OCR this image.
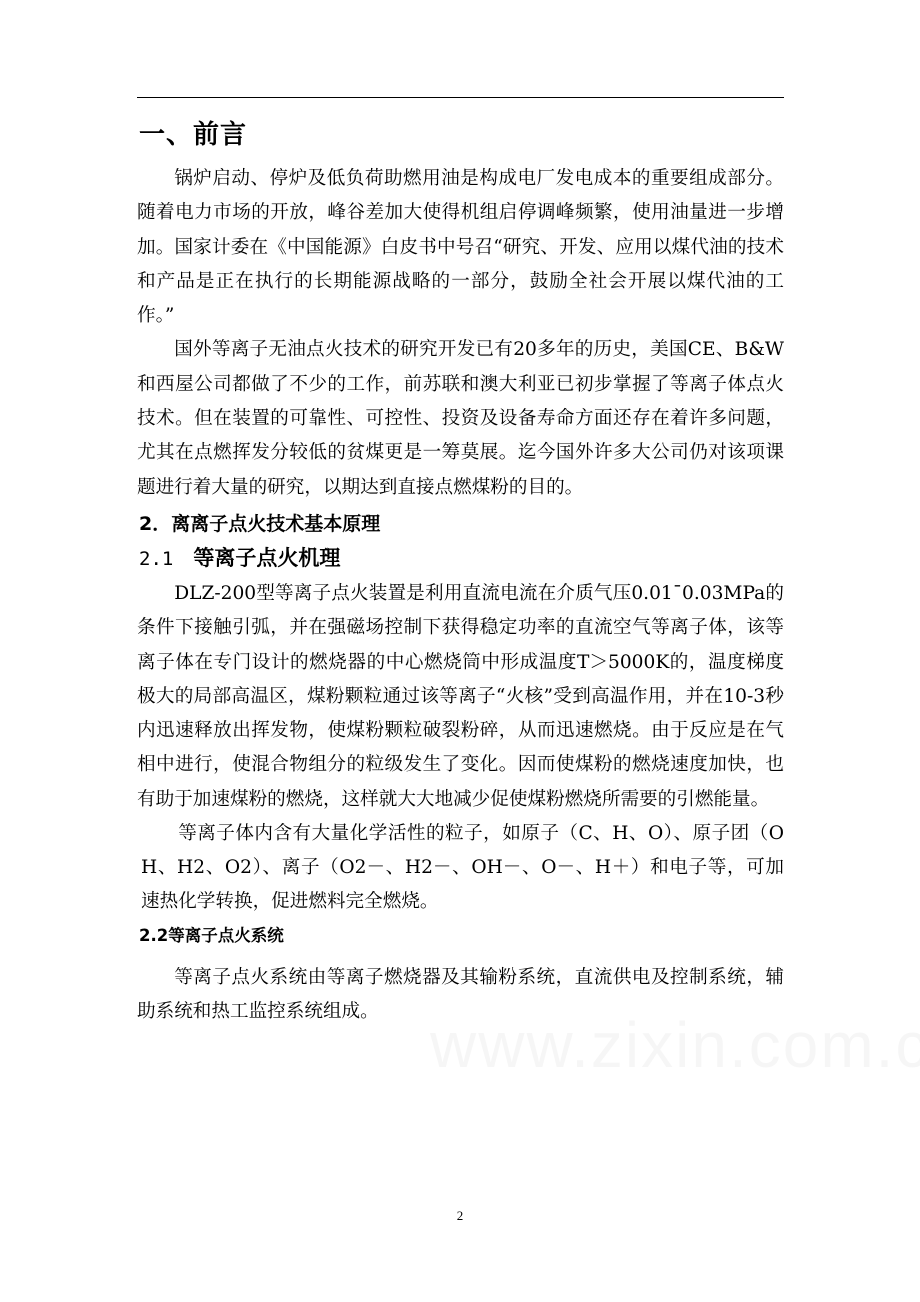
一、前言

锅炉启动、停炉及低负荷助燃用油是构成电厂发电成本的重要组成部分。随着电力市场的开放，峰谷差加大使得机组启停调峰频繁，使用油量进一步增加。国家计委在《中国能源》白皮书中号召“研究、开发、应用以煤代油的技术和产品是正在执行的长期能源战略的一部分，鼓励全社会开展以煤代油的工作。”

国外等离子无油点火技术的研究开发已有20多年的历史，美国CE、B&W和西屋公司都做了不少的工作，前苏联和澳大利亚已初步掌握了等离子体点火技术。但在装置的可靠性、可控性、投资及设备寿命方面还存在着许多问题，尤其在点燃挥发分较低的贫煤更是一筹莫展。迄今国外许多大公司仍对该项课题进行着大量的研究，以期达到直接点燃煤粉的目的。

2．离离子点火技术基本原理
2.1 等离子点火机理

DLZ-200型等离子点火装置是利用直流电流在介质气压0.01¯0.03MPa的条件下接触引弧，并在强磁场控制下获得稳定功率的直流空气等离子体，该等离子体在专门设计的燃烧器的中心燃烧筒中形成温度T＞5000K的，温度梯度极大的局部高温区，煤粉颗粒通过该等离子“火核”受到高温作用，并在10-3秒内迅速释放出挥发物，使煤粉颗粒破裂粉碎，从而迅速燃烧。由于反应是在气相中进行，使混合物组分的粒级发生了变化。因而使煤粉的燃烧速度加快，也有助于加速煤粉的燃烧，这样就大大地减少促使煤粉燃烧所需要的引燃能量。

等离子体内含有大量化学活性的粒子，如原子（C、H、O）、原子团（OH、H2、O2）、离子（O2－、H2－、OH－、O－、H＋）和电子等，可加速热化学转换，促进燃料完全燃烧。

2.2等离子点火系统

等离子点火系统由等离子燃烧器及其输粉系统，直流供电及控制系统，辅助系统和热工监控系统组成。

2
